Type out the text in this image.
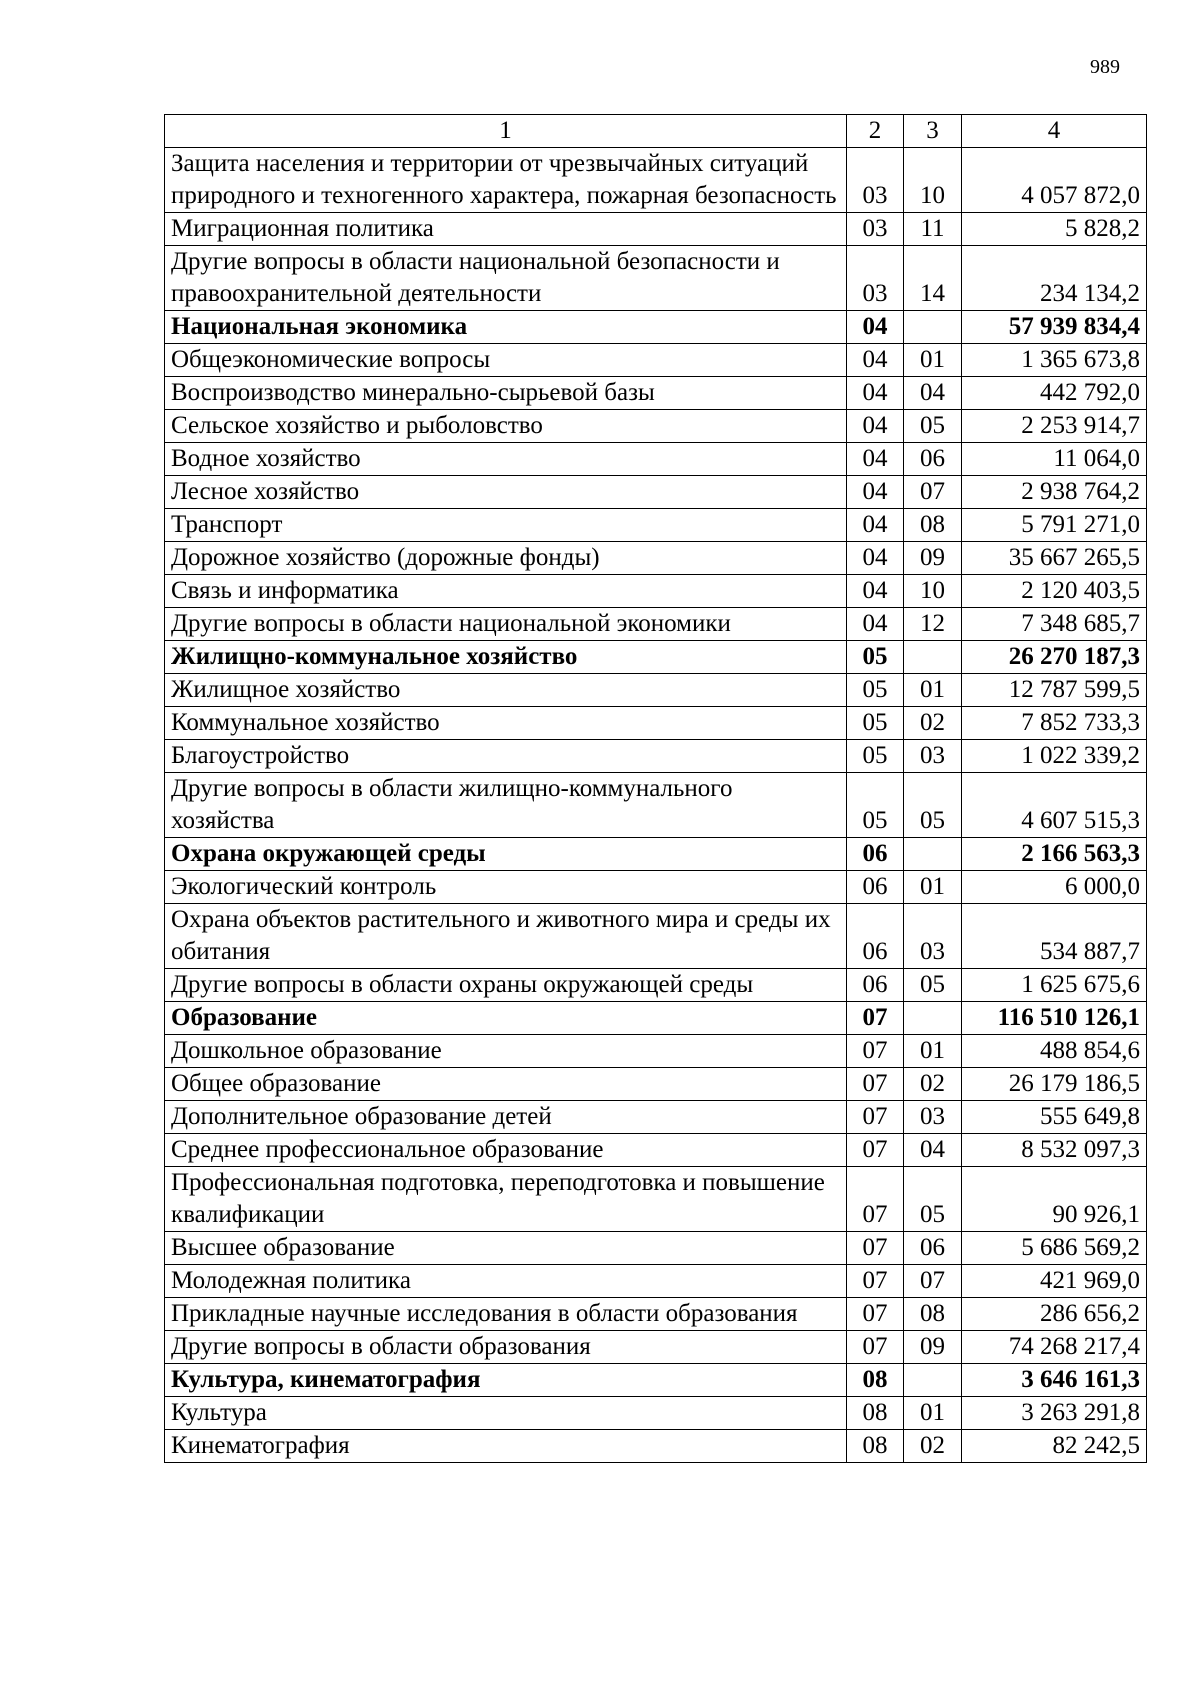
989
1	2	3	4
Защита населения и территории от чрезвычайных ситуаций природного и техногенного характера, пожарная безопасность	03	10	4 057 872,0
Миграционная политика	03	11	5 828,2
Другие вопросы в области национальной безопасности и правоохранительной деятельности	03	14	234 134,2
Национальная экономика	04		57 939 834,4
Общеэкономические вопросы	04	01	1 365 673,8
Воспроизводство минерально-сырьевой базы	04	04	442 792,0
Сельское хозяйство и рыболовство	04	05	2 253 914,7
Водное хозяйство	04	06	11 064,0
Лесное хозяйство	04	07	2 938 764,2
Транспорт	04	08	5 791 271,0
Дорожное хозяйство (дорожные фонды)	04	09	35 667 265,5
Связь и информатика	04	10	2 120 403,5
Другие вопросы в области национальной экономики	04	12	7 348 685,7
Жилищно-коммунальное хозяйство	05		26 270 187,3
Жилищное хозяйство	05	01	12 787 599,5
Коммунальное хозяйство	05	02	7 852 733,3
Благоустройство	05	03	1 022 339,2
Другие вопросы в области жилищно-коммунального хозяйства	05	05	4 607 515,3
Охрана окружающей среды	06		2 166 563,3
Экологический контроль	06	01	6 000,0
Охрана объектов растительного и животного мира и среды их обитания	06	03	534 887,7
Другие вопросы в области охраны окружающей среды	06	05	1 625 675,6
Образование	07		116 510 126,1
Дошкольное образование	07	01	488 854,6
Общее образование	07	02	26 179 186,5
Дополнительное образование детей	07	03	555 649,8
Среднее профессиональное образование	07	04	8 532 097,3
Профессиональная подготовка, переподготовка и повышение квалификации	07	05	90 926,1
Высшее образование	07	06	5 686 569,2
Молодежная политика	07	07	421 969,0
Прикладные научные исследования в области образования	07	08	286 656,2
Другие вопросы в области образования	07	09	74 268 217,4
Культура, кинематография	08		3 646 161,3
Культура	08	01	3 263 291,8
Кинематография	08	02	82 242,5
